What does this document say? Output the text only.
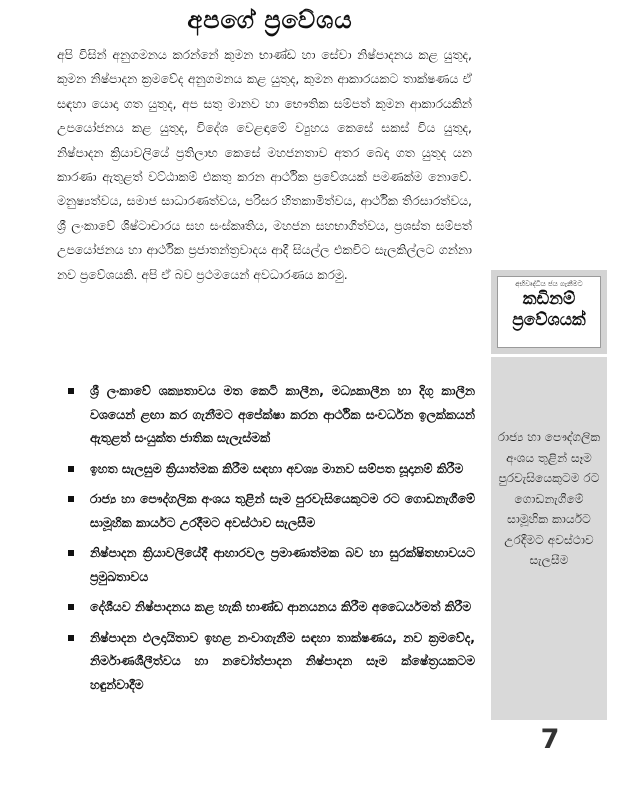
අපගේ ප්‍රවේශය

අපි විසින් අනුගමනය කරන්නේ කුමන භාණ්ඩ හා සේවා නිෂ්පාදනය කළ යුතුද, කුමන නිෂ්පාදන ක්‍රමවේද අනුගමනය කළ යුතුද, කුමන ආකාරයකට තාක්ෂණය ඒ සඳහා යොදා ගත යුතුද, අප සතු මානව හා භෞතික සම්පත් කුමන ආකාරයකින් උපයෝජනය කළ යුතුද, විදේශ වෙළඳාමේ ව්‍යුහය කෙසේ සකස් විය යුතුද, නිෂ්පාදන ක්‍රියාවලියේ ප්‍රතිලාභ කෙසේ මහජනතාව අතර බෙදා ගත යුතුද යන කාරණා ඇතුළත් වට්ඨාකම් එකතු කරන ආර්ථික ප්‍රවේශයක් පමණක්ම නොවේ. මනුෂ්‍යත්වය, සමාජ සාධාරණත්වය, පරිසර හිතකාමිත්වය, ආර්ථික තිරසාරත්වය, ශ්‍රී ලංකාවේ ශිෂ්ටාචාරය සහ සංස්කෘතිය, මහජන සහභාගිත්වය, ප්‍රශස්ත සම්පත් උපයෝජනය හා ආර්ථික ප්‍රජාතන්ත්‍රවාදය ආදී සියල්ල එකවිට සැලකිල්ලට ගන්නා නව ප්‍රවේශයකි. අපි ඒ බව ප්‍රථමයෙන් අවධාරණය කරමු.

ශ්‍රී ලංකාවේ ශක්‍යතාවය මත කෙටි කාලීන, මධ්‍යකාලීන හා දිගු කාලීන වශයෙන් ළඟා කර ගැනීමට අපේක්ෂා කරන ආර්ථික සංවර්ධන ඉලක්කයන් ඇතුළත් සංයුක්ත ජාතික සැලැස්මක්
ඉහත සැලසුම ක්‍රියාත්මක කිරීම සඳහා අවශ්‍ය මානව සම්පත සූදානම් කිරීම
රාජ්‍ය හා පෞද්ගලික අංශය තුළින් සෑම පුරවැසියෙකුටම රට ගොඩනැගීමේ සාමූහික කාර්යට උරදීමට අවස්ථාව සැලසීම
නිෂ්පාදන ක්‍රියාවලියේදී ආහාරවල ප්‍රමාණාත්මක බව හා සුරක්ෂිතභාවයට ප්‍රමුඛතාවය
දේශීයව නිෂ්පාදනය කළ හැකි භාණ්ඩ ආනයනය කිරීම අධෛර්යමත් කිරීම
නිෂ්පාදන ඵලදායිතාව ඉහළ නංවාගැනීම සඳහා තාක්ෂණය, නව ක්‍රමවේද, නිර්මාණශීලීත්වය හා නවෝත්පාදන නිෂ්පාදන සෑම ක්ෂේත්‍රයකටම හඳුන්වාදීම
අභිවෘද්ධිය ජය ගැනීමට
කඩිනම්
ප්‍රවේශයක්
රාජ්‍ය හා පෞද්ගලික අංශය තුළින් සෑම පුරවැසියෙකුටම රට ගොඩනැගීමේ සාමූහික කාර්යට උරදීමට අවස්ථාව සැලසීම
7
